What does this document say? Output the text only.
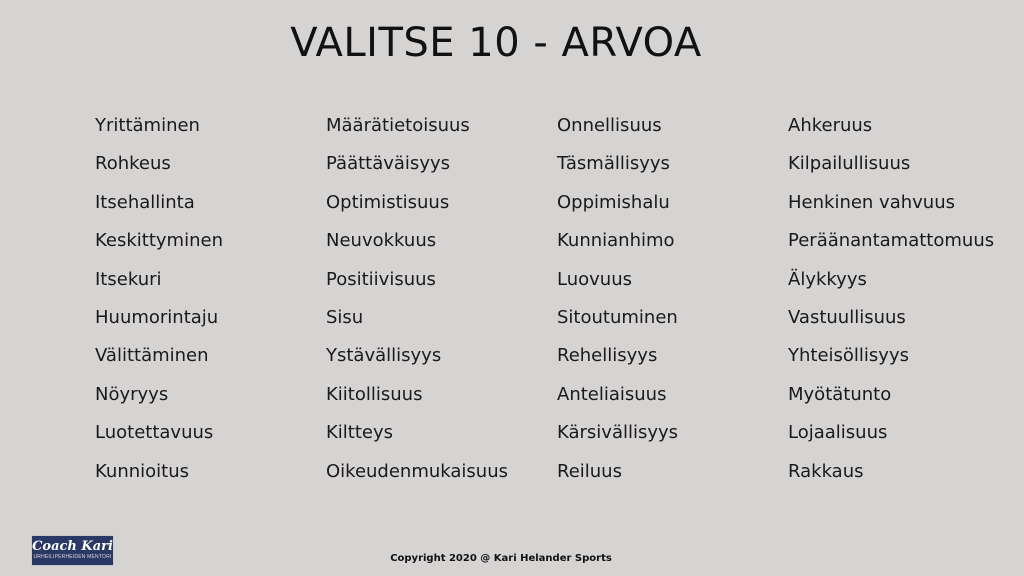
VALITSE 10 - ARVOA
Yrittäminen
Rohkeus
Itsehallinta
Keskittyminen
Itsekuri
Huumorintaju
Välittäminen
Nöyryys
Luotettavuus
Kunnioitus
Määrätietoisuus
Päättäväisyys
Optimistisuus
Neuvokkuus
Positiivisuus
Sisu
Ystävällisyys
Kiitollisuus
Kiltteys
Oikeudenmukaisuus
Onnellisuus
Täsmällisyys
Oppimishalu
Kunnianhimo
Luovuus
Sitoutuminen
Rehellisyys
Anteliaisuus
Kärsivällisyys
Reiluus
Ahkeruus
Kilpailullisuus
Henkinen vahvuus
Peräänantamattomuus
Älykkyys
Vastuullisuus
Yhteisöllisyys
Myötätunto
Lojaalisuus
Rakkaus
Coach Kari
URHEILIPERHEIDEN MENTORI	Copyright 2020 @ Kari Helander Sports
